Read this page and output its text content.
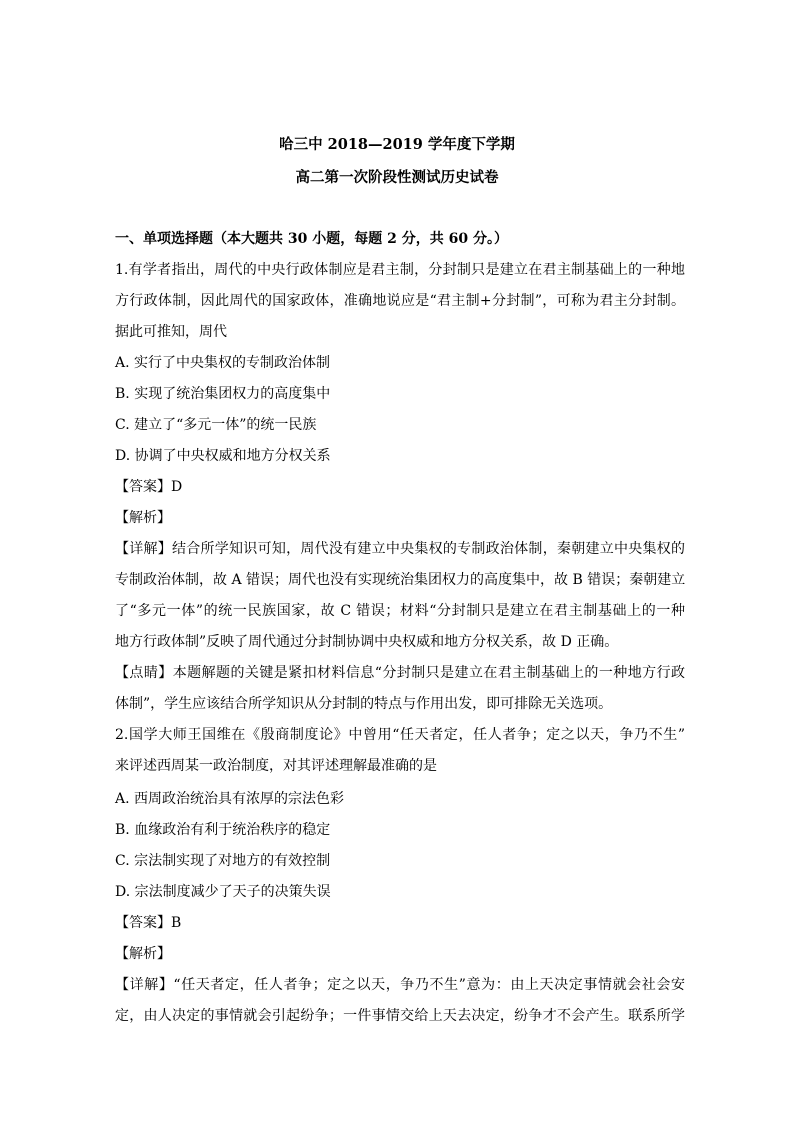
哈三中 2018—2019 学年度下学期
高二第一次阶段性测试历史试卷
一、单项选择题（本大题共 30 小题，每题 2 分，共 60 分。）
1.有学者指出，周代的中央行政体制应是君主制，分封制只是建立在君主制基础上的一种地
方行政体制，因此周代的国家政体，准确地说应是“君主制+分封制”，可称为君主分封制。
据此可推知，周代
A. 实行了中央集权的专制政治体制
B. 实现了统治集团权力的高度集中
C. 建立了“多元一体”的统一民族
D. 协调了中央权威和地方分权关系
【答案】D
【解析】
【详解】结合所学知识可知，周代没有建立中央集权的专制政治体制，秦朝建立中央集权的
专制政治体制，故 A 错误；周代也没有实现统治集团权力的高度集中，故 B 错误；秦朝建立
了“多元一体”的统一民族国家，故 C 错误；材料“分封制只是建立在君主制基础上的一种
地方行政体制”反映了周代通过分封制协调中央权威和地方分权关系，故 D 正确。
【点睛】本题解题的关键是紧扣材料信息“分封制只是建立在君主制基础上的一种地方行政
体制”，学生应该结合所学知识从分封制的特点与作用出发，即可排除无关选项。
2.国学大师王国维在《殷商制度论》中曾用“任天者定，任人者争；定之以天，争乃不生”
来评述西周某一政治制度，对其评述理解最准确的是
A. 西周政治统治具有浓厚的宗法色彩
B. 血缘政治有利于统治秩序的稳定
C. 宗法制实现了对地方的有效控制
D. 宗法制度减少了天子的决策失误
【答案】B
【解析】
【详解】“任天者定，任人者争；定之以天，争乃不生”意为：由上天决定事情就会社会安
定，由人决定的事情就会引起纷争；一件事情交给上天去决定，纷争才不会产生。联系所学
